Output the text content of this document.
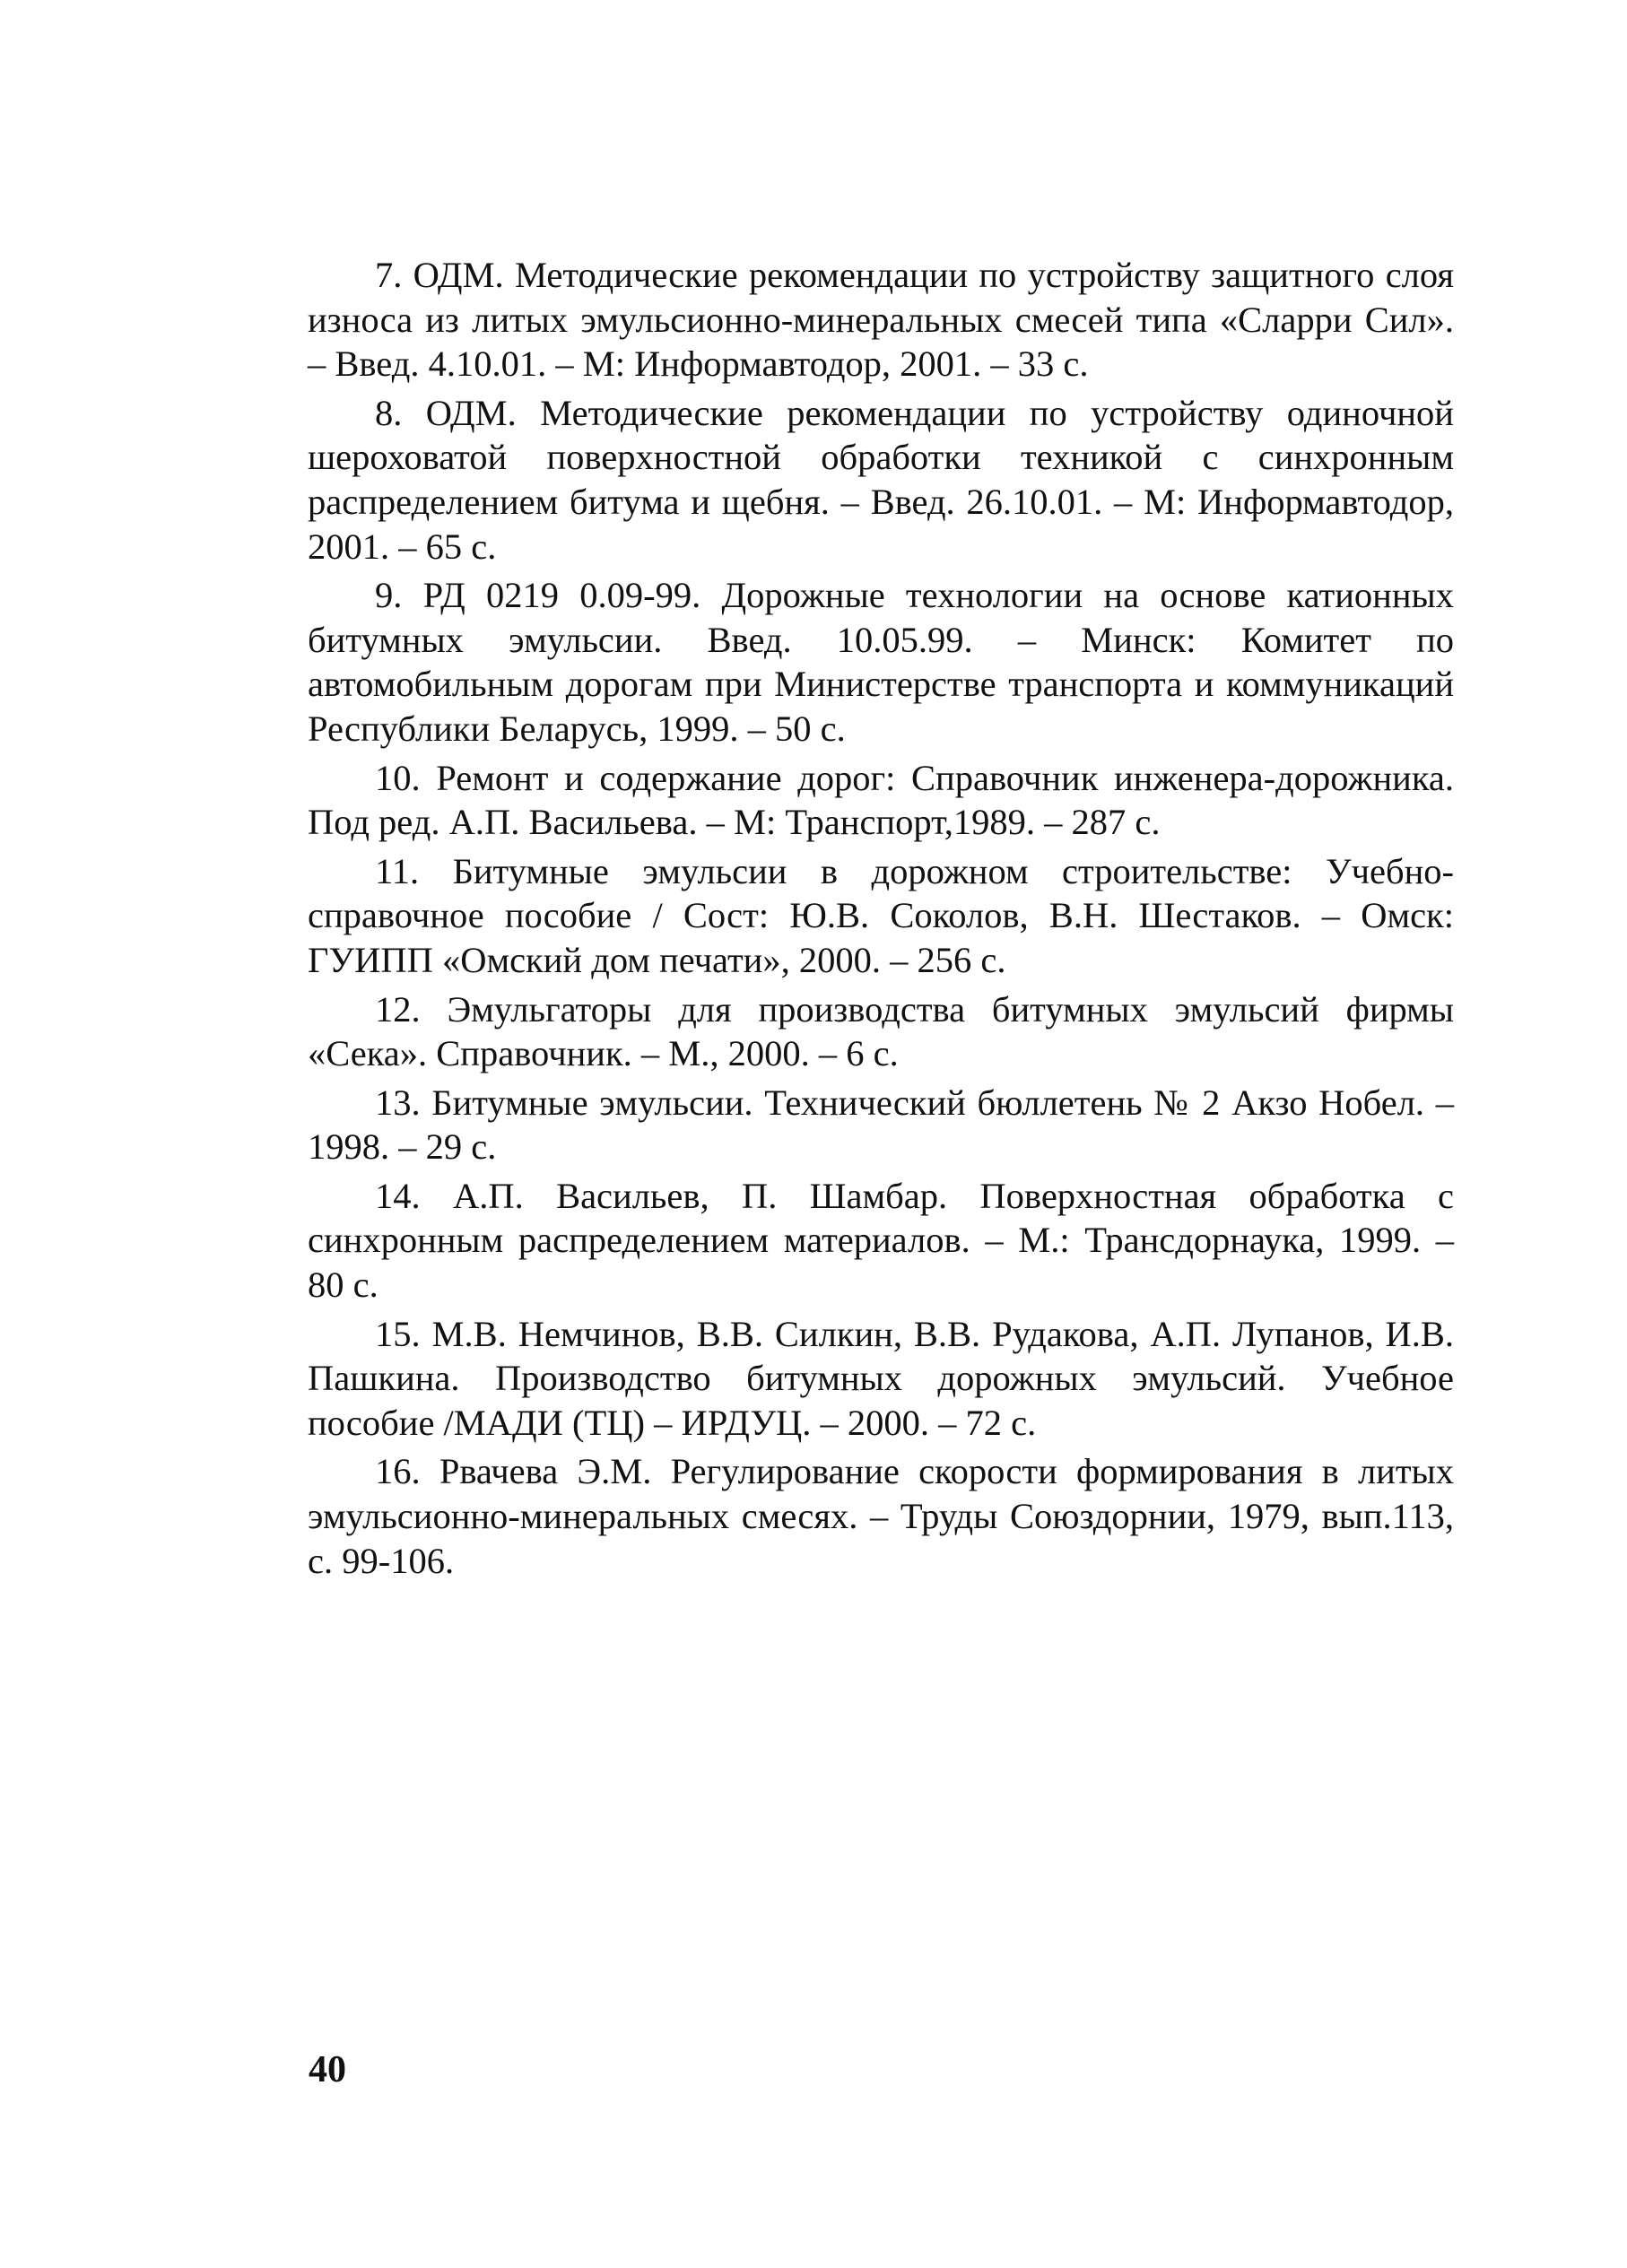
7. ОДМ. Методические рекомендации по устройству защитного слоя износа из литых эмульсионно-минеральных смесей типа «Сларри Сил». – Введ. 4.10.01. – М: Информавтодор, 2001. – 33 с.
8. ОДМ. Методические рекомендации по устройству одиночной шероховатой поверхностной обработки техникой с синхронным распределением битума и щебня. – Введ. 26.10.01. – М: Информавтодор, 2001. – 65 с.
9. РД 0219 0.09-99. Дорожные технологии на основе катионных битумных эмульсии. Введ. 10.05.99. – Минск: Комитет по автомобильным дорогам при Министерстве транспорта и коммуникаций Республики Беларусь, 1999. – 50 с.
10. Ремонт и содержание дорог: Справочник инженера-дорожника. Под ред. А.П. Васильева. – М: Транспорт,1989. – 287 с.
11. Битумные эмульсии в дорожном строительстве: Учебно-справочное пособие / Сост: Ю.В. Соколов, В.Н. Шестаков. – Омск: ГУИПП «Омский дом печати», 2000. – 256 с.
12. Эмульгаторы для производства битумных эмульсий фирмы «Сека». Справочник. – М., 2000. – 6 с.
13. Битумные эмульсии. Технический бюллетень № 2 Акзо Нобел. – 1998. – 29 с.
14. А.П. Васильев, П. Шамбар. Поверхностная обработка с синхронным распределением материалов. – М.: Трансдорнаука, 1999. – 80 с.
15. М.В. Немчинов, В.В. Силкин, В.В. Рудакова, А.П. Лупанов, И.В. Пашкина. Производство битумных дорожных эмульсий. Учебное пособие /МАДИ (ТЦ) – ИРДУЦ. – 2000. – 72 с.
16. Рвачева Э.М. Регулирование скорости формирования в литых эмульсионно-минеральных смесях. – Труды Союздорнии, 1979, вып.113, с. 99-106.
40
